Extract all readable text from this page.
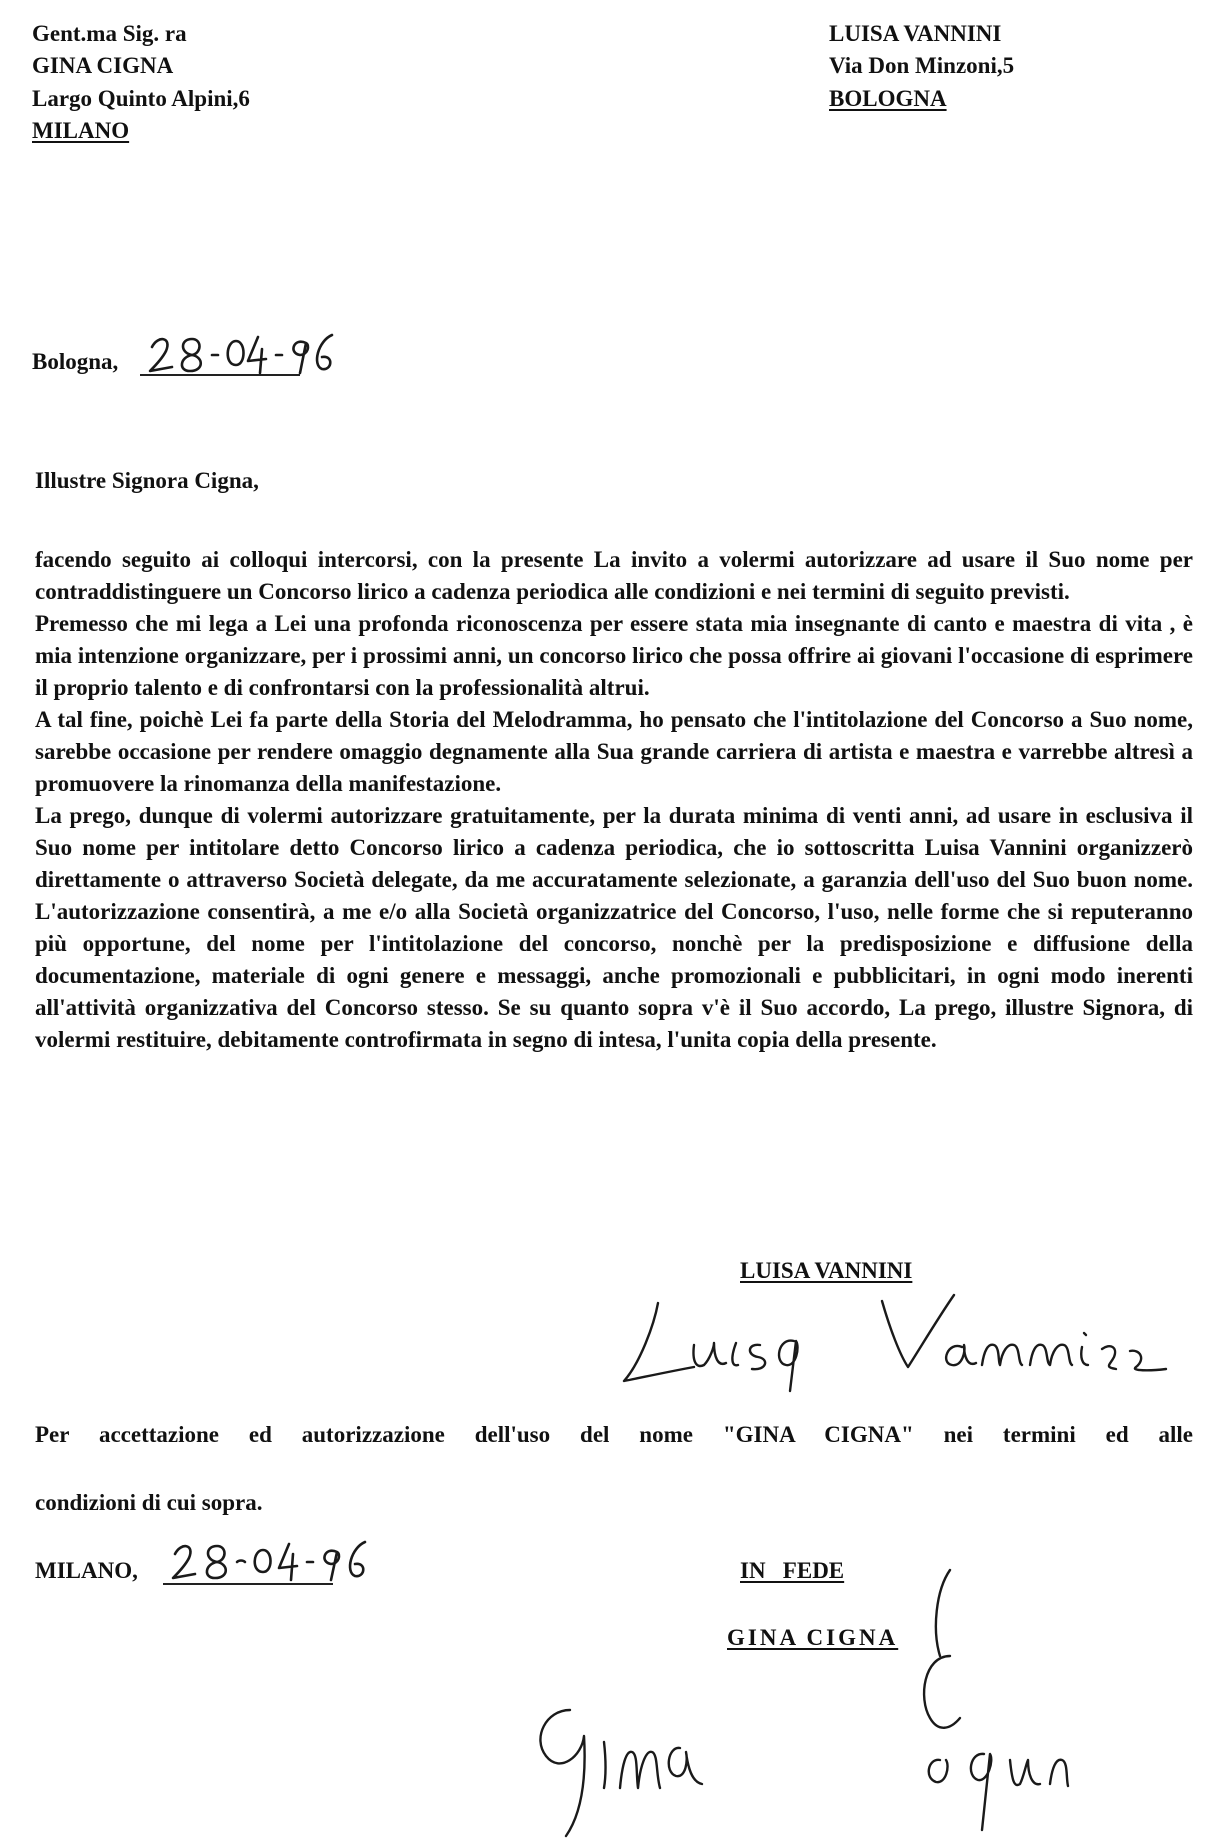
Gent.ma Sig. ra
GINA CIGNA
Largo Quinto Alpini,6
MILANO
LUISA VANNINI
Via Don Minzoni,5
BOLOGNA
Bologna,
Illustre Signora Cigna,

facendo seguito ai colloqui intercorsi, con la presente La invito a volermi autorizzare ad usare il Suo nome per contraddistinguere un Concorso lirico a cadenza periodica alle condizioni e nei termini di seguito previsti.

Premesso che mi lega a Lei una profonda riconoscenza per essere stata mia insegnante di canto e maestra di vita , è mia intenzione organizzare, per i prossimi anni, un concorso lirico che possa offrire ai giovani l'occasione di esprimere il proprio talento e di confrontarsi con la professionalità altrui.

A tal fine, poichè Lei fa parte della Storia del Melodramma, ho pensato che l'intitolazione del Concorso a Suo nome, sarebbe occasione per rendere omaggio degnamente alla Sua grande carriera di artista e maestra e varrebbe altresì a promuovere la rinomanza della manifestazione.

La prego, dunque di volermi autorizzare gratuitamente, per la durata minima di venti anni, ad usare in esclusiva il Suo nome per intitolare detto Concorso lirico a cadenza periodica, che io sottoscritta Luisa Vannini organizzerò direttamente o attraverso Società delegate, da me accuratamente selezionate, a garanzia dell'uso del Suo buon nome. L'autorizzazione consentirà, a me e/o alla Società organizzatrice del Concorso, l'uso, nelle forme che si reputeranno più opportune, del nome per l'intitolazione del concorso, nonchè per la predisposizione e diffusione della documentazione, materiale di ogni genere e messaggi, anche promozionali e pubblicitari, in ogni modo inerenti all'attività organizzativa del Concorso stesso. Se su quanto sopra v'è il Suo accordo, La prego, illustre Signora, di volermi restituire, debitamente controfirmata in segno di intesa, l'unita copia della presente.

LUISA VANNINI
Per accettazione ed autorizzazione dell'uso del nome "GINA CIGNA" nei termini ed alle
condizioni di cui sopra.
MILANO,	IN   FEDE
GINA CIGNA
